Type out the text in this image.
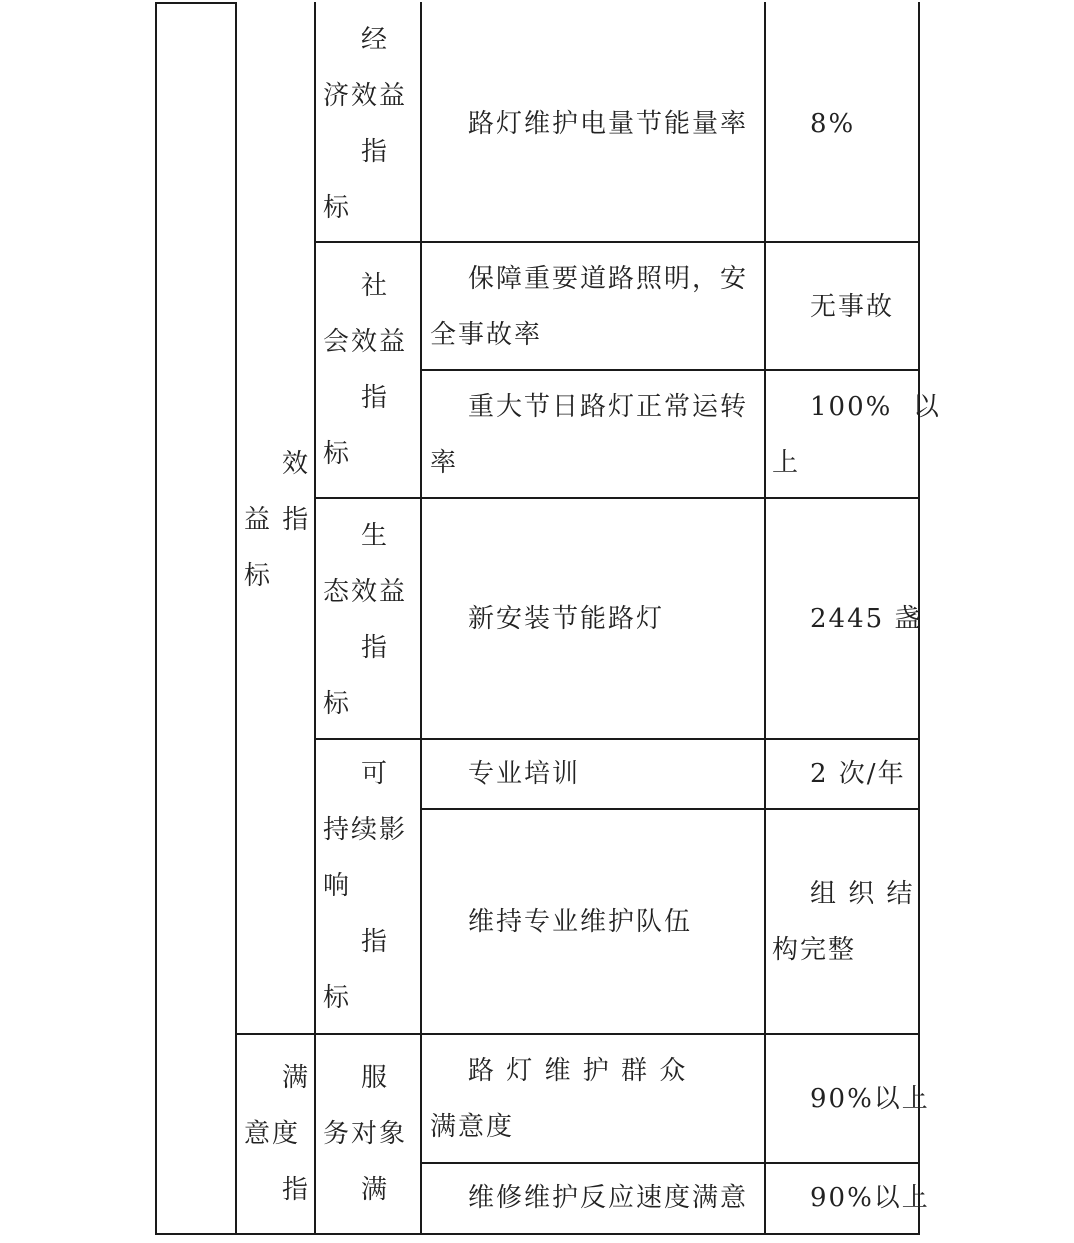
效
益 指
标
满
意度
指
经
济效益
指
标
社
会效益
指
标
生
态效益
指
标
可
持续影
响
指
标
服
务对象
满
路灯维护电量节能量率
保障重要道路照明，安
全事故率
重大节日路灯正常运转
率
新安装节能路灯
专业培训
维持专业维护队伍
路 灯 维 护 群 众
满意度
维修维护反应速度满意
8%
无事故
100%  以
上
2445 盏
2 次/年
组 织 结
构完整
90%以上
90%以上
